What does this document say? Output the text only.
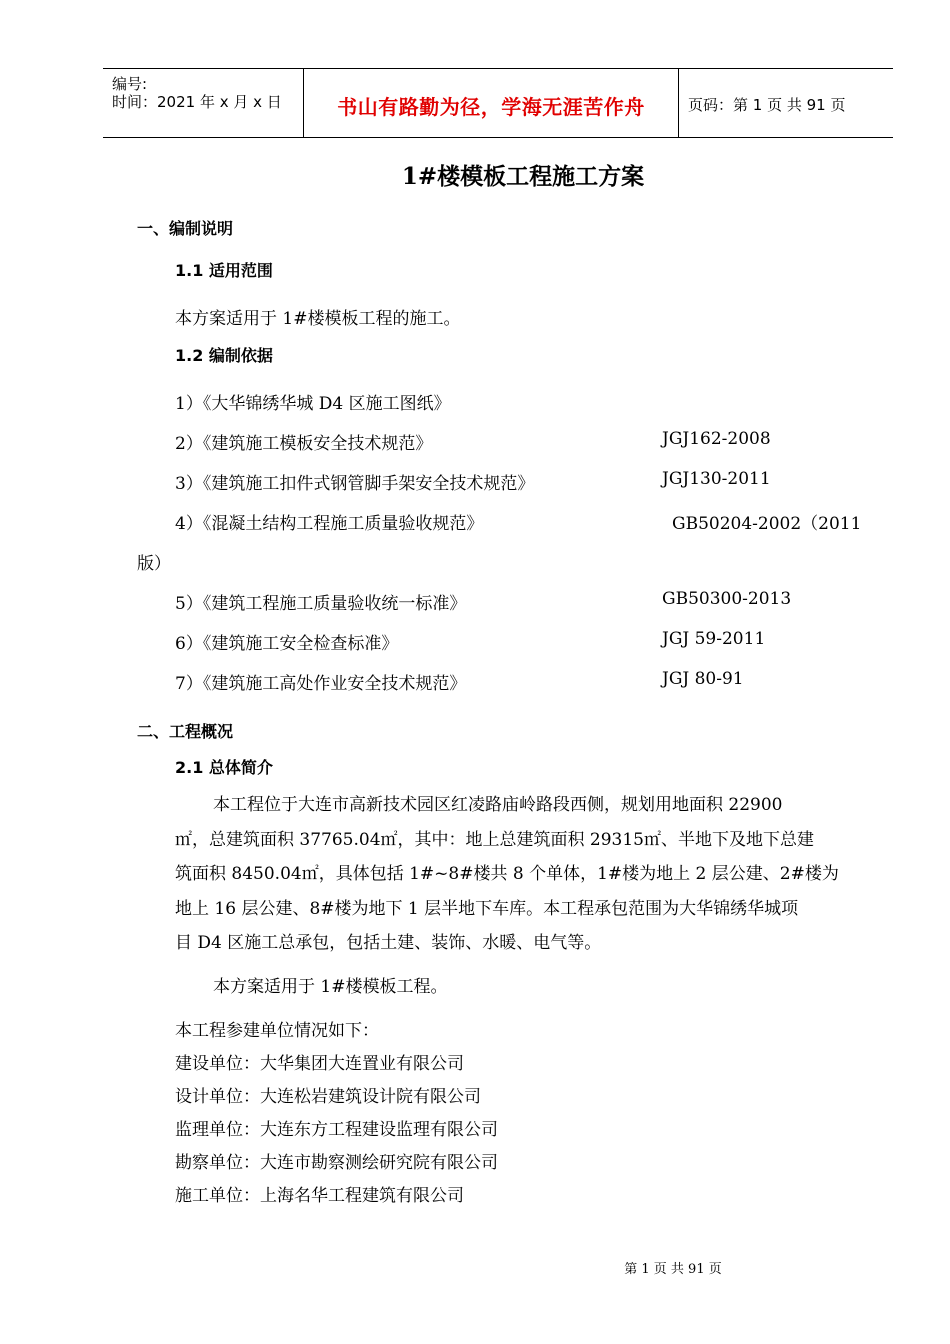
编号:
时间：2021 年 x 月 x 日	书山有路勤为径，学海无涯苦作舟	页码：第 1 页 共 91 页
1#楼模板工程施工方案
一、编制说明
1.1 适用范围
本方案适用于 1#楼模板工程的施工。
1.2 编制依据
1）《大华锦绣华城 D4 区施工图纸》
2）《建筑施工模板安全技术规范》	JGJ162-2008
3）《建筑施工扣件式钢管脚手架安全技术规范》	JGJ130-2011
4）《混凝土结构工程施工质量验收规范》	GB50204-2002（2011
版）
5）《建筑工程施工质量验收统一标准》	GB50300-2013
6）《建筑施工安全检查标准》	JGJ 59-2011
7）《建筑施工高处作业安全技术规范》	JGJ 80-91
二、工程概况
2.1 总体简介
本工程位于大连市高新技术园区红凌路庙岭路段西侧，规划用地面积 22900
㎡，总建筑面积 37765.04㎡，其中：地上总建筑面积 29315㎡、半地下及地下总建
筑面积 8450.04㎡，具体包括 1#~8#楼共 8 个单体，1#楼为地上 2 层公建、2#楼为
地上 16 层公建、8#楼为地下 1 层半地下车库。本工程承包范围为大华锦绣华城项
目 D4 区施工总承包，包括土建、装饰、水暖、电气等。
本方案适用于 1#楼模板工程。
本工程参建单位情况如下：
建设单位：大华集团大连置业有限公司
设计单位：大连松岩建筑设计院有限公司
监理单位：大连东方工程建设监理有限公司
勘察单位：大连市勘察测绘研究院有限公司
施工单位：上海名华工程建筑有限公司
第 1 页 共 91 页
